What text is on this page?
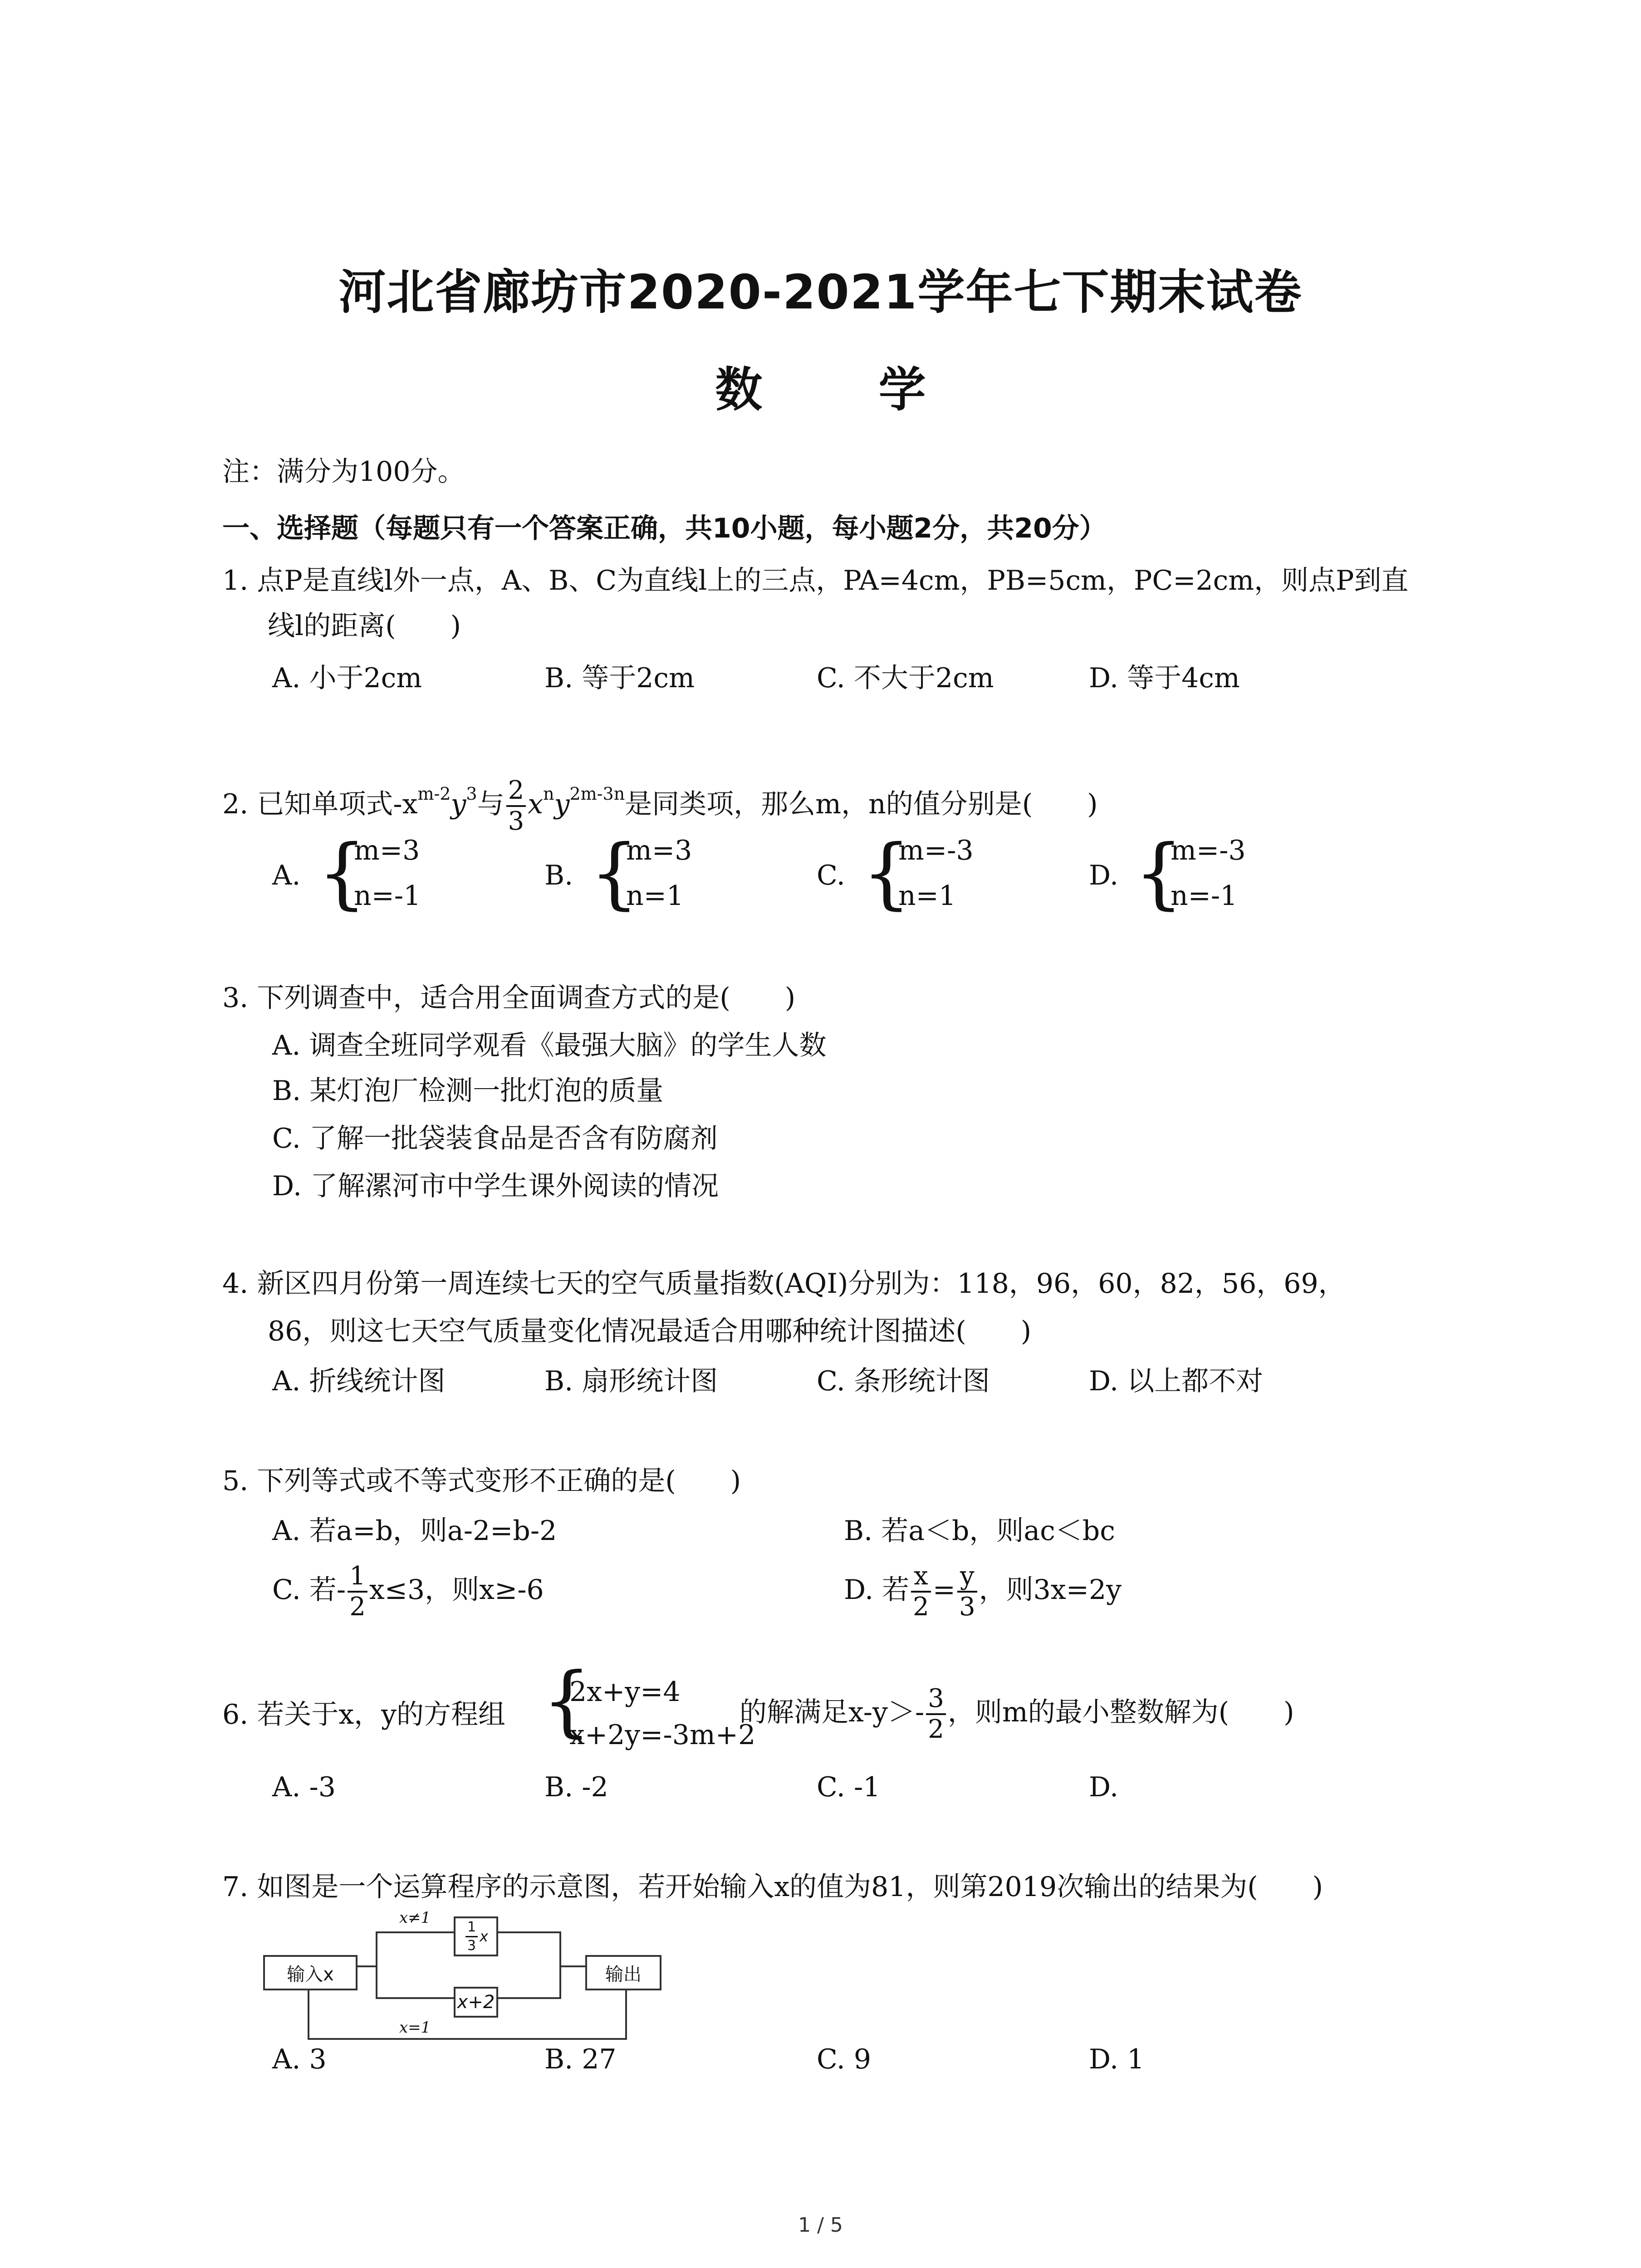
河北省廊坊市2020-2021学年七下期末试卷
数 学
注：满分为100分。
一、选择题（每题只有一个答案正确，共10小题，每小题2分，共20分）
1. 点P是直线l外一点，A、B、C为直线l上的三点，PA=4cm，PB=5cm，PC=2cm，则点P到直
线l的距离(　　)
A. 小于2cm	B. 等于2cm	C. 不大于2cm	D. 等于4cm
2. 已知单项式$-x^{m-2}y^3$与 $\frac{2}{3} x^ny^{2m-3n}$是同类项，那么m，n的值分别是(　　)
A. {
m=3
n=-1
B. {
m=3
n=1
C. {
m=-3
n=1
D. {
m=-3
n=-1
3. 下列调查中，适合用全面调查方式的是(　　)
A. 调查全班同学观看《最强大脑》的学生人数
B. 某灯泡厂检测一批灯泡的质量
C. 了解一批袋装食品是否含有防腐剂
D. 了解漯河市中学生课外阅读的情况
4. 新区四月份第一周连续七天的空气质量指数(AQI)分别为：118，96，60，82，56，69，
86，则这七天空气质量变化情况最适合用哪种统计图描述(　　)
A. 折线统计图	B. 扇形统计图	C. 条形统计图	D. 以上都不对
5. 下列等式或不等式变形不正确的是(　　)
A. 若a=b，则a-2=b-2	B. 若a＜b，则ac＜bc
C. 若- $\frac{1}{2} x\le 3$，则x≥-6	D. 若 $\frac{x}{2} = \frac{y}{3}$ ，则3x=2y
6. 若关于x，y的方程组 {
2x+y=4
x+2y=-3m+2
的解满足$x-y>- \frac{3}{2}$ ，则m的最小整数解为(　　)
A. -3	B. -2	C. -1	D.
7. 如图是一个运算程序的示意图，若开始输入x的值为81，则第2019次输出的结果为(　　)
输入x	输出
$\frac{1}{3}$ x
x+2
x≠1
x=1
A. 3	B. 27	C. 9	D. 1
1 / 5
